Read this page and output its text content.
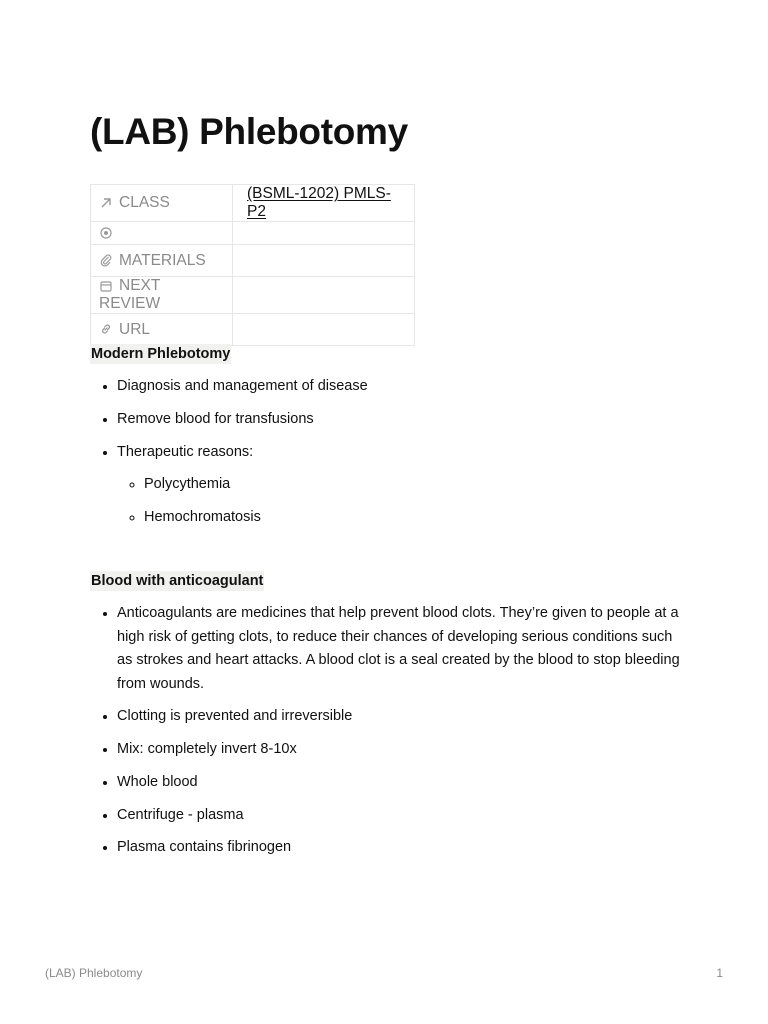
(LAB) Phlebotomy
CLASS	(BSML-1202) PMLS-P2

MATERIALS	

NEXT REVIEW	

URL	
Modern Phlebotomy
• Diagnosis and management of disease
• Remove blood for transfusions
• Therapeutic reasons:
◦ Polycythemia
◦ Hemochromatosis
Blood with anticoagulant
• Anticoagulants are medicines that help prevent blood clots. They’re given to people at a high risk of getting clots, to reduce their chances of developing serious conditions such as strokes and heart attacks. A blood clot is a seal created by the blood to stop bleeding from wounds.
• Clotting is prevented and irreversible
• Mix: completely invert 8-10x
• Whole blood
• Centrifuge - plasma
• Plasma contains fibrinogen
(LAB) Phlebotomy	1
